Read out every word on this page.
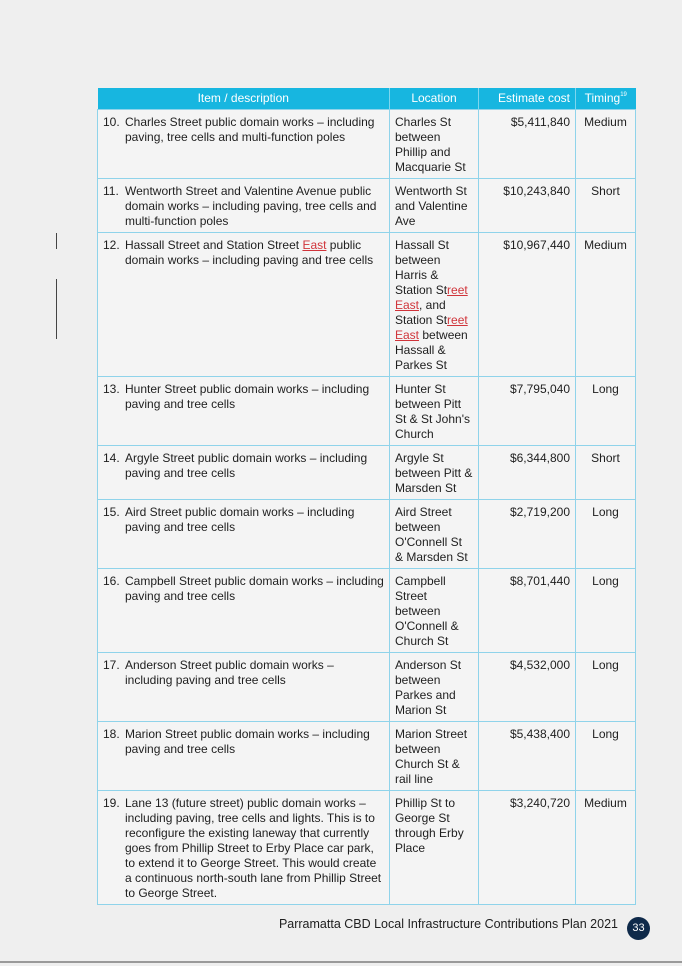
Item / description	Location	Estimate cost	Timing$^{19}$

10. Charles Street public domain works – including paving, tree cells and multi-function poles	Charles St between Phillip and Macquarie St	$5,411,840	Medium

11. Wentworth Street and Valentine Avenue public domain works – including paving, tree cells and multi-function poles	Wentworth St and Valentine Ave	$10,243,840	Short

12. Hassall Street and Station Street East public domain works – including paving and tree cells	Hassall St between Harris & Station Street East, and Station Street East between Hassall & Parkes St	$10,967,440	Medium

13. Hunter Street public domain works – including paving and tree cells	Hunter St between Pitt St & St John's Church	$7,795,040	Long

14. Argyle Street public domain works – including paving and tree cells	Argyle St between Pitt & Marsden St	$6,344,800	Short

15. Aird Street public domain works – including paving and tree cells	Aird Street between O'Connell St & Marsden St	$2,719,200	Long

16. Campbell Street public domain works – including paving and tree cells	Campbell Street between O'Connell & Church St	$8,701,440	Long

17. Anderson Street public domain works – including paving and tree cells	Anderson St between Parkes and Marion St	$4,532,000	Long

18. Marion Street public domain works – including paving and tree cells	Marion Street between Church St & rail line	$5,438,400	Long

19. Lane 13 (future street) public domain works – including paving, tree cells and lights. This is to reconfigure the existing laneway that currently goes from Phillip Street to Erby Place car park, to extend it to George Street. This would create a continuous north-south lane from Phillip Street to George Street.	Phillip St to George St through Erby Place	$3,240,720	Medium
Parramatta CBD Local Infrastructure Contributions Plan 2021	33
